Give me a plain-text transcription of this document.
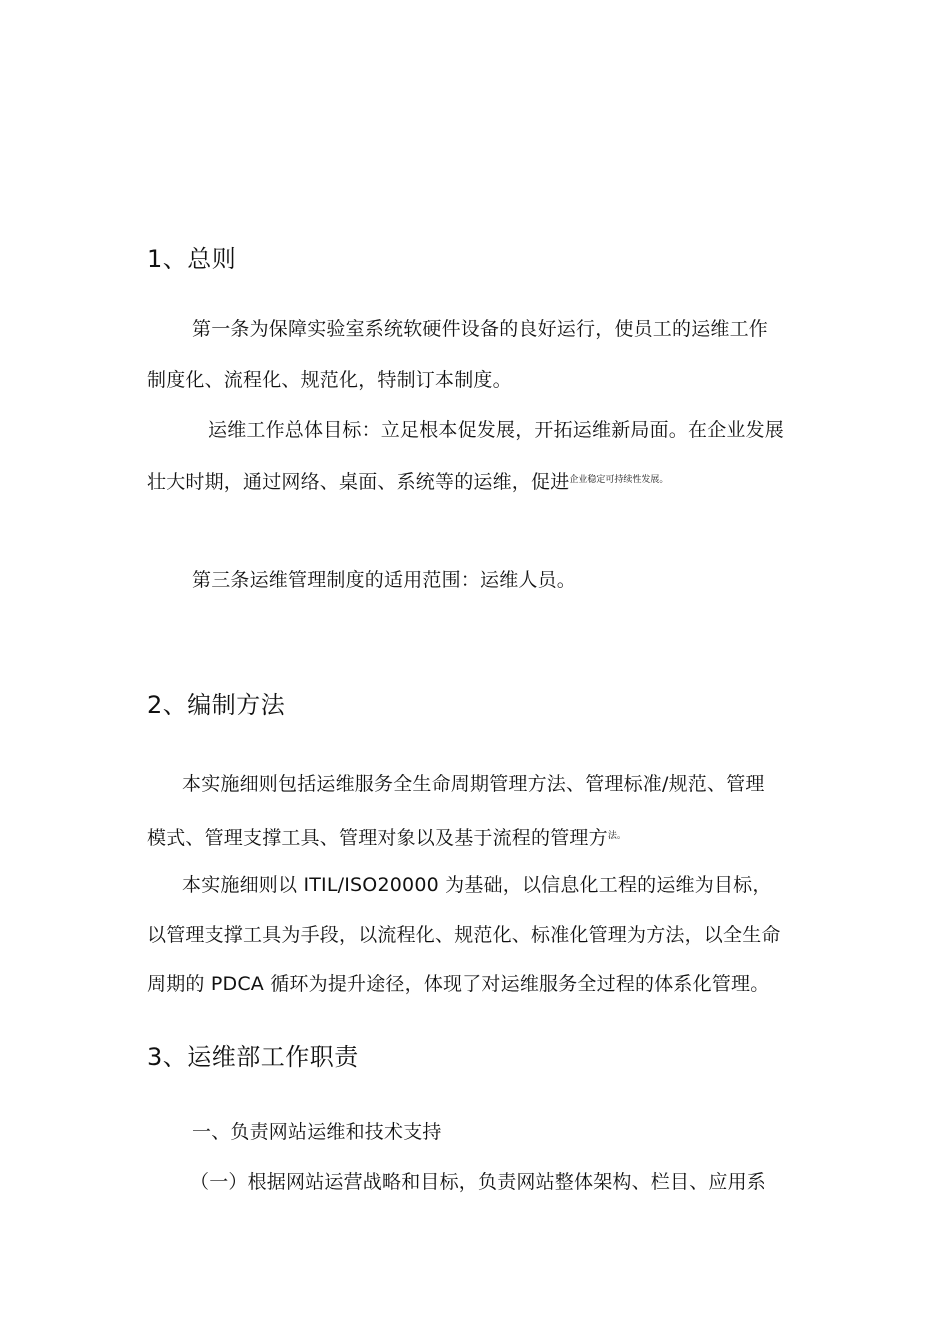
1、总则
第一条为保障实验室系统软硬件设备的良好运行，使员工的运维工作
制度化、流程化、规范化，特制订本制度。
运维工作总体目标：立足根本促发展，开拓运维新局面。在企业发展
壮大时期，通过网络、桌面、系统等的运维，促进$^{企业稳定可持续性发展。}$
第三条运维管理制度的适用范围：运维人员。
2、编制方法
本实施细则包括运维服务全生命周期管理方法、管理标准/规范、管理
模式、管理支撑工具、管理对象以及基于流程的管理方$^{法。}$
本实施细则以 ITIL/ISO20000 为基础，以信息化工程的运维为目标，
以管理支撑工具为手段，以流程化、规范化、标准化管理为方法，以全生命
周期的 PDCA 循环为提升途径，体现了对运维服务全过程的体系化管理。
3、运维部工作职责
一、负责网站运维和技术支持
（一）根据网站运营战略和目标，负责网站整体架构、栏目、应用系
